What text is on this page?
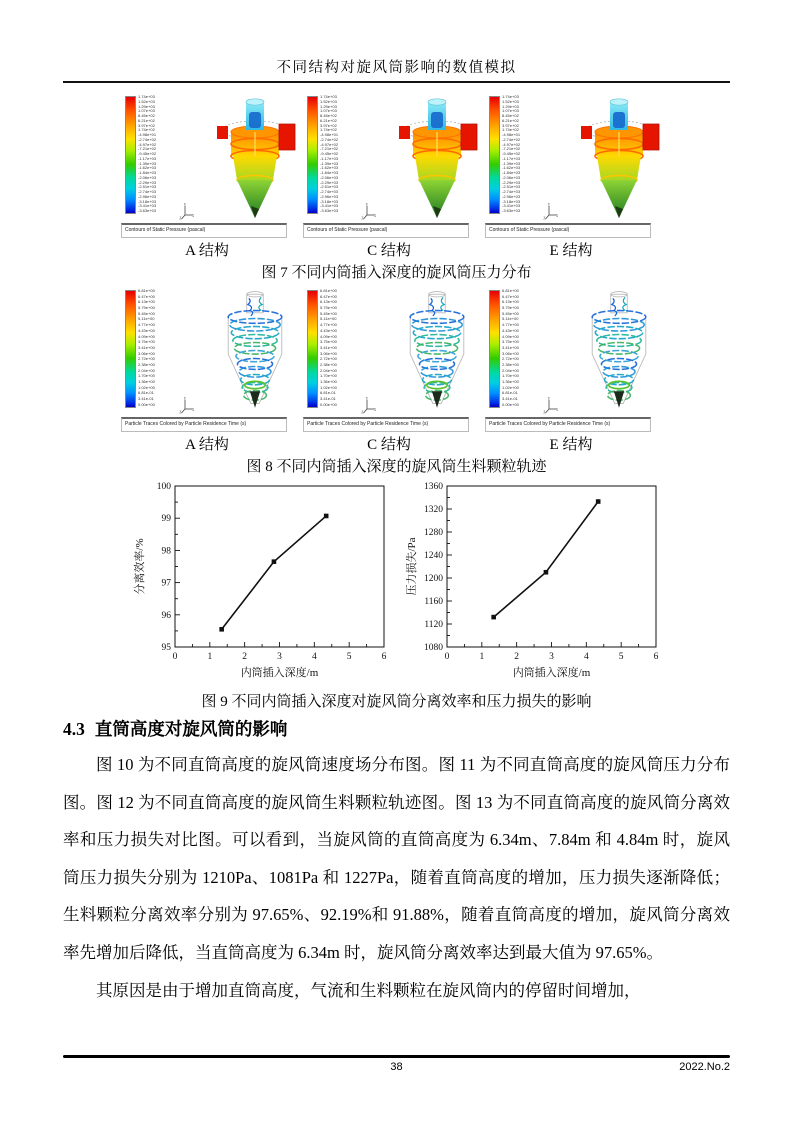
不同结构对旋风筒影响的数值模拟
1.74e+03
1.52e+03
1.29e+03
1.07e+03
8.45e+02
6.21e+02
3.97e+02
1.74e+02
-4.98e+01
-2.74e+02
-4.97e+02
-7.21e+02
-9.45e+02
-1.17e+03
-1.39e+03
-1.62e+03
-1.84e+03
-2.06e+03
-2.29e+03
-2.51e+03
-2.74e+03
-2.96e+03
-3.18e+03
-3.41e+03
-3.63e+03
Y
X
Z
Contours of Static Pressure (pascal)
1.74e+03
1.52e+03
1.29e+03
1.07e+03
8.45e+02
6.21e+02
3.97e+02
1.74e+02
-4.98e+01
-2.74e+02
-4.97e+02
-7.21e+02
-9.45e+02
-1.17e+03
-1.39e+03
-1.62e+03
-1.84e+03
-2.06e+03
-2.29e+03
-2.51e+03
-2.74e+03
-2.96e+03
-3.18e+03
-3.41e+03
-3.63e+03
Y
X
Z
Contours of Static Pressure (pascal)
1.74e+03
1.52e+03
1.29e+03
1.07e+03
8.45e+02
6.21e+02
3.97e+02
1.74e+02
-4.98e+01
-2.74e+02
-4.97e+02
-7.21e+02
-9.45e+02
-1.17e+03
-1.39e+03
-1.62e+03
-1.84e+03
-2.06e+03
-2.29e+03
-2.51e+03
-2.74e+03
-2.96e+03
-3.18e+03
-3.41e+03
-3.63e+03
Y
X
Z
Contours of Static Pressure (pascal)
A 结构	C 结构	E 结构
图 7 不同内筒插入深度的旋风筒压力分布
6.81e+00
6.47e+00
6.13e+00
5.79e+00
5.45e+00
5.11e+00
4.77e+00
4.43e+00
4.09e+00
3.75e+00
3.41e+00
3.06e+00
2.72e+00
2.38e+00
2.04e+00
1.70e+00
1.36e+00
1.02e+00
6.81e-01
3.41e-01
0.00e+00
Y
X
Z
Particle Traces Colored by Particle Residence Time (s)
6.81e+00
6.47e+00
6.13e+00
5.79e+00
5.45e+00
5.11e+00
4.77e+00
4.43e+00
4.09e+00
3.75e+00
3.41e+00
3.06e+00
2.72e+00
2.38e+00
2.04e+00
1.70e+00
1.36e+00
1.02e+00
6.81e-01
3.41e-01
0.00e+00
Y
X
Z
Particle Traces Colored by Particle Residence Time (s)
6.81e+00
6.47e+00
6.13e+00
5.79e+00
5.45e+00
5.11e+00
4.77e+00
4.43e+00
4.09e+00
3.75e+00
3.41e+00
3.06e+00
2.72e+00
2.38e+00
2.04e+00
1.70e+00
1.36e+00
1.02e+00
6.81e-01
3.41e-01
0.00e+00
Y
X
Z
Particle Traces Colored by Particle Residence Time (s)
A 结构	C 结构	E 结构
图 8 不同内筒插入深度的旋风筒生料颗粒轨迹
0	1	2	3	4	5	6
95
96
97
98
99
100
内筒插入深度/m
分离效率/%
0	1	2	3	4	5	6
1080
1120
1160
1200
1240
1280
1320
1360
内筒插入深度/m
压力损失/Pa
图 9 不同内筒插入深度对旋风筒分离效率和压力损失的影响
4.3 直筒高度对旋风筒的影响

图 10 为不同直筒高度的旋风筒速度场分布图。图 11 为不同直筒高度的旋风筒压力分布图。图 12 为不同直筒高度的旋风筒生料颗粒轨迹图。图 13 为不同直筒高度的旋风筒分离效率和压力损失对比图。可以看到，当旋风筒的直筒高度为 6.34m、7.84m 和 4.84m 时，旋风筒压力损失分别为 1210Pa、1081Pa 和 1227Pa，随着直筒高度的增加，压力损失逐渐降低；生料颗粒分离效率分别为 97.65%、92.19%和 91.88%，随着直筒高度的增加，旋风筒分离效率先增加后降低，当直筒高度为 6.34m 时，旋风筒分离效率达到最大值为 97.65%。

其原因是由于增加直筒高度，气流和生料颗粒在旋风筒内的停留时间增加，

38	2022.No.2
